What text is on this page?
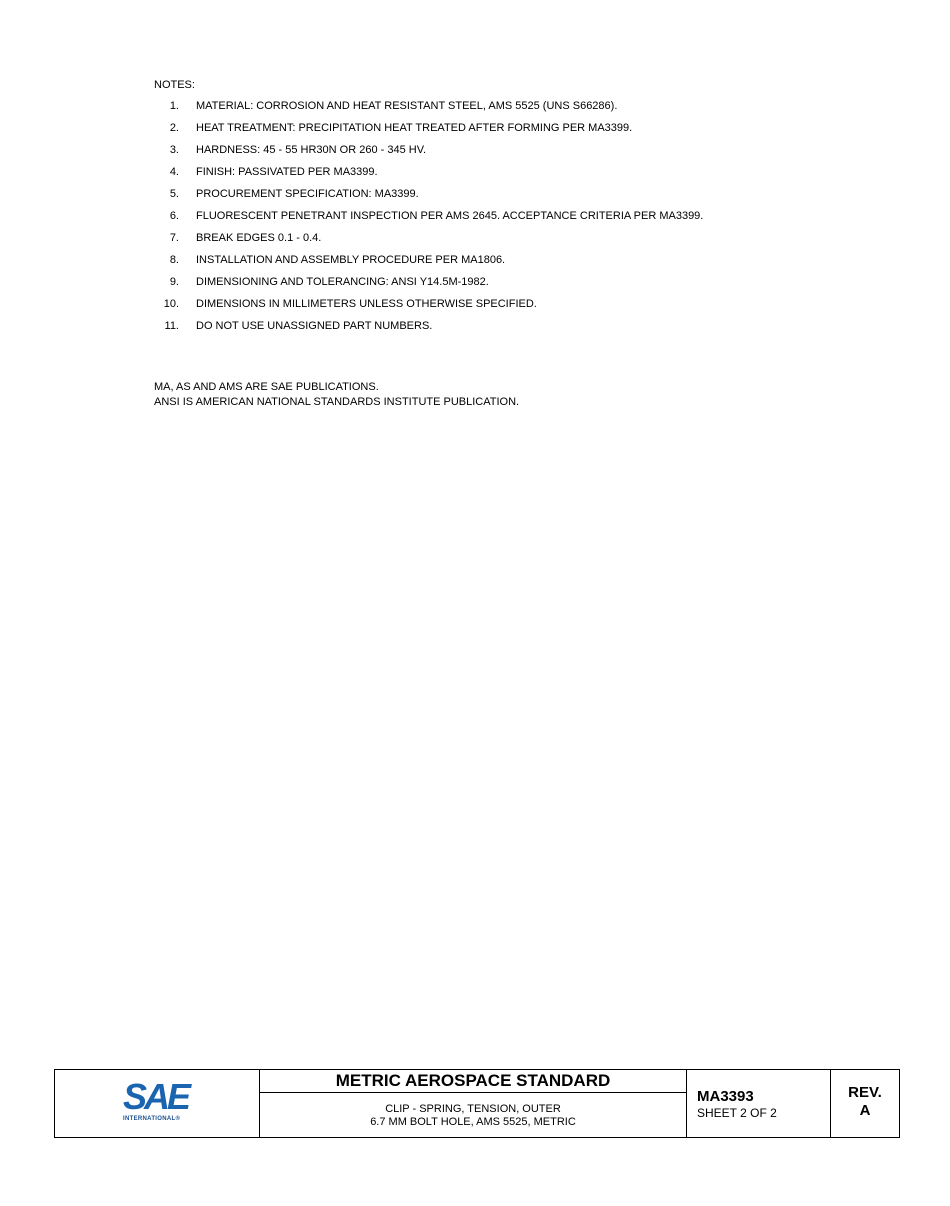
NOTES:
1. MATERIAL: CORROSION AND HEAT RESISTANT STEEL, AMS 5525 (UNS S66286).
2. HEAT TREATMENT: PRECIPITATION HEAT TREATED AFTER FORMING PER MA3399.
3. HARDNESS: 45 - 55 HR30N OR 260 - 345 HV.
4. FINISH: PASSIVATED PER MA3399.
5. PROCUREMENT SPECIFICATION: MA3399.
6. FLUORESCENT PENETRANT INSPECTION PER AMS 2645. ACCEPTANCE CRITERIA PER MA3399.
7. BREAK EDGES 0.1 - 0.4.
8. INSTALLATION AND ASSEMBLY PROCEDURE PER MA1806.
9. DIMENSIONING AND TOLERANCING: ANSI Y14.5M-1982.
10. DIMENSIONS IN MILLIMETERS UNLESS OTHERWISE SPECIFIED.
11. DO NOT USE UNASSIGNED PART NUMBERS.
MA, AS AND AMS ARE SAE PUBLICATIONS.
ANSI IS AMERICAN NATIONAL STANDARDS INSTITUTE PUBLICATION.
SAE
INTERNATIONAL®
METRIC AEROSPACE STANDARD
CLIP - SPRING, TENSION, OUTER
6.7 MM BOLT HOLE, AMS 5525, METRIC
MA3393
SHEET 2 OF 2
REV.
A
